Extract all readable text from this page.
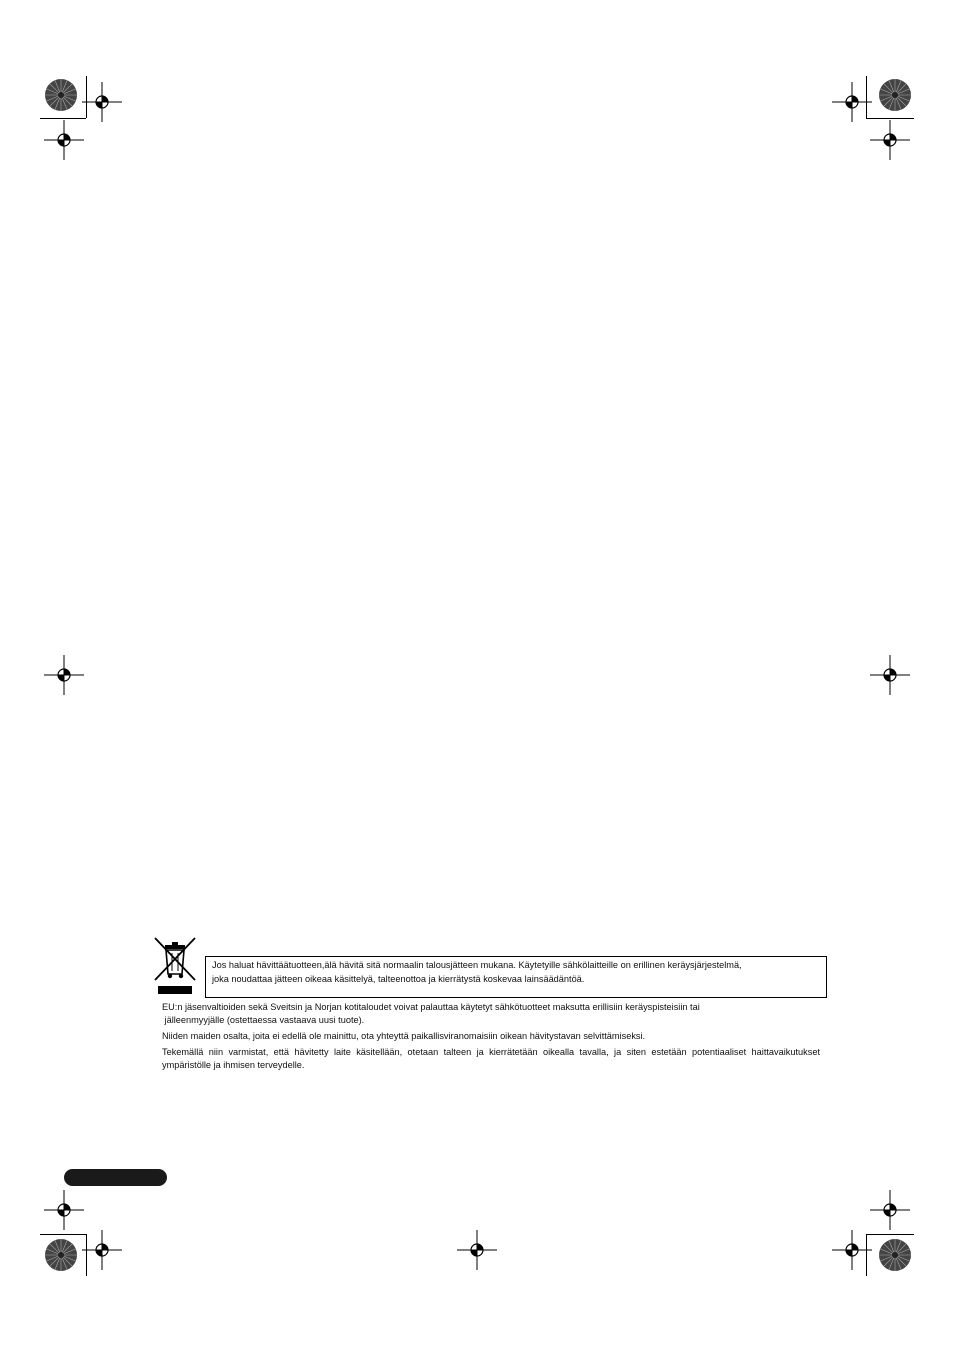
Jos haluat hävittäätuotteen,älä hävitä sitä normaalin talousjätteen mukana. Käytetyille sähkölaitteille on erillinen keräysjärjestelmä,

joka noudattaa jätteen oikeaa käsittelyä, talteenottoa ja kierrätystä koskevaa lainsäädäntöä.

EU:n jäsenvaltioiden sekä Sveitsin ja Norjan kotitaloudet voivat palauttaa käytetyt sähkötuotteet maksutta erillisiin keräyspisteisiin tai
jälleenmyyjälle (ostettaessa vastaava uusi tuote).

Niiden maiden osalta, joita ei edellä ole mainittu, ota yhteyttä paikallisviranomaisiin oikean hävitystavan selvittämiseksi.

Tekemällä niin varmistat, että hävitetty laite käsitellään, otetaan talteen ja kierrätetään oikealla tavalla, ja siten estetään potentiaaliset haittavaikutukset ympäristölle ja ihmisen terveydelle.
